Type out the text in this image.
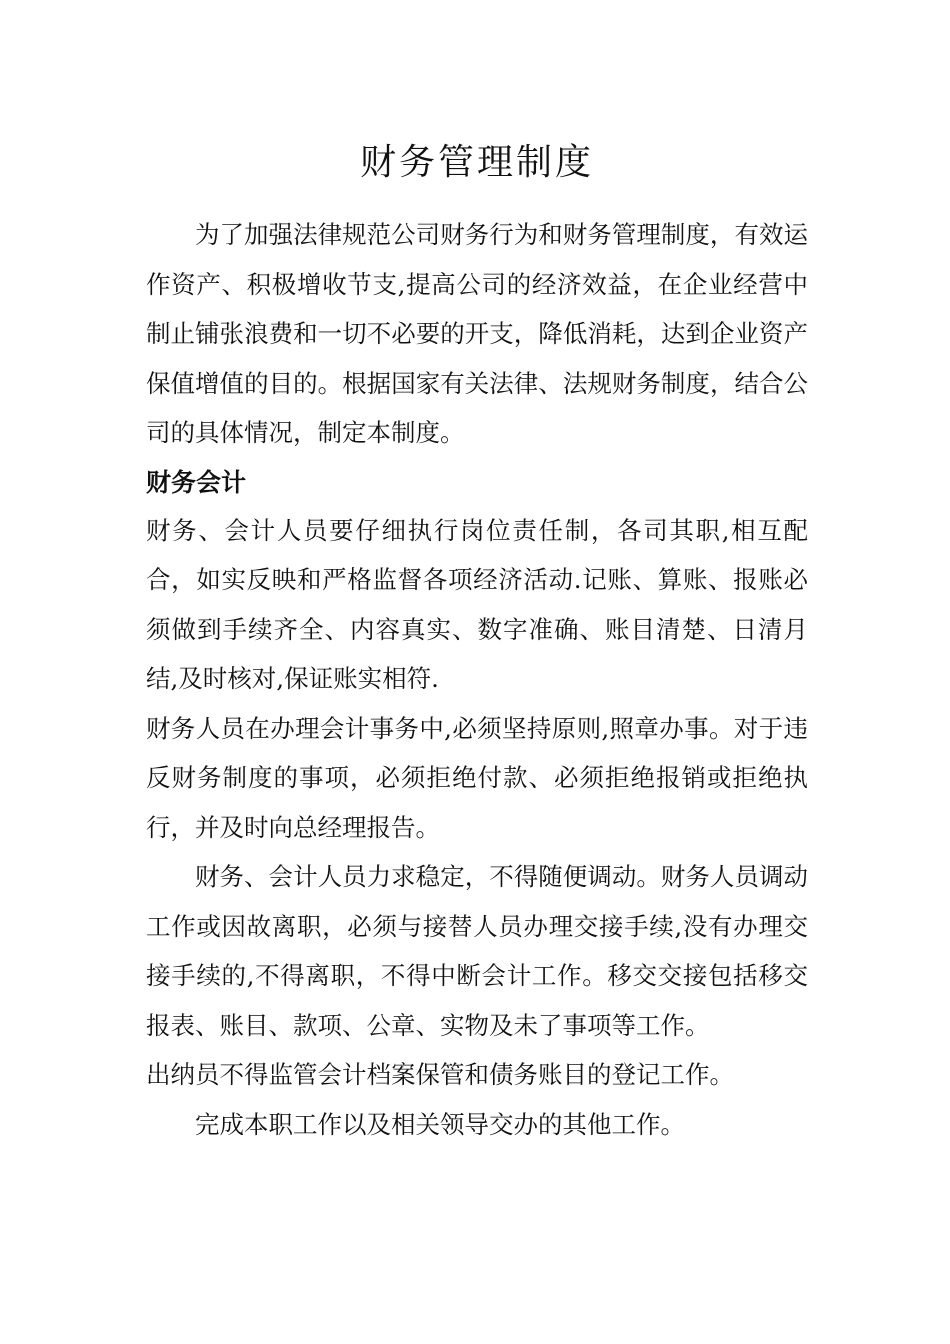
财务管理制度

为了加强法律规范公司财务行为和财务管理制度，有效运作资产、积极增收节支,提高公司的经济效益，在企业经营中制止铺张浪费和一切不必要的开支，降低消耗，达到企业资产保值增值的目的。根据国家有关法律、法规财务制度，结合公司的具体情况，制定本制度。

财务会计

财务、会计人员要仔细执行岗位责任制，各司其职,相互配合，如实反映和严格监督各项经济活动.记账、算账、报账必须做到手续齐全、内容真实、数字准确、账目清楚、日清月结,及时核对,保证账实相符.

财务人员在办理会计事务中,必须坚持原则,照章办事。对于违反财务制度的事项，必须拒绝付款、必须拒绝报销或拒绝执行，并及时向总经理报告。

财务、会计人员力求稳定，不得随便调动。财务人员调动工作或因故离职，必须与接替人员办理交接手续,没有办理交接手续的,不得离职，不得中断会计工作。移交交接包括移交报表、账目、款项、公章、实物及未了事项等工作。

出纳员不得监管会计档案保管和债务账目的登记工作。

完成本职工作以及相关领导交办的其他工作。
